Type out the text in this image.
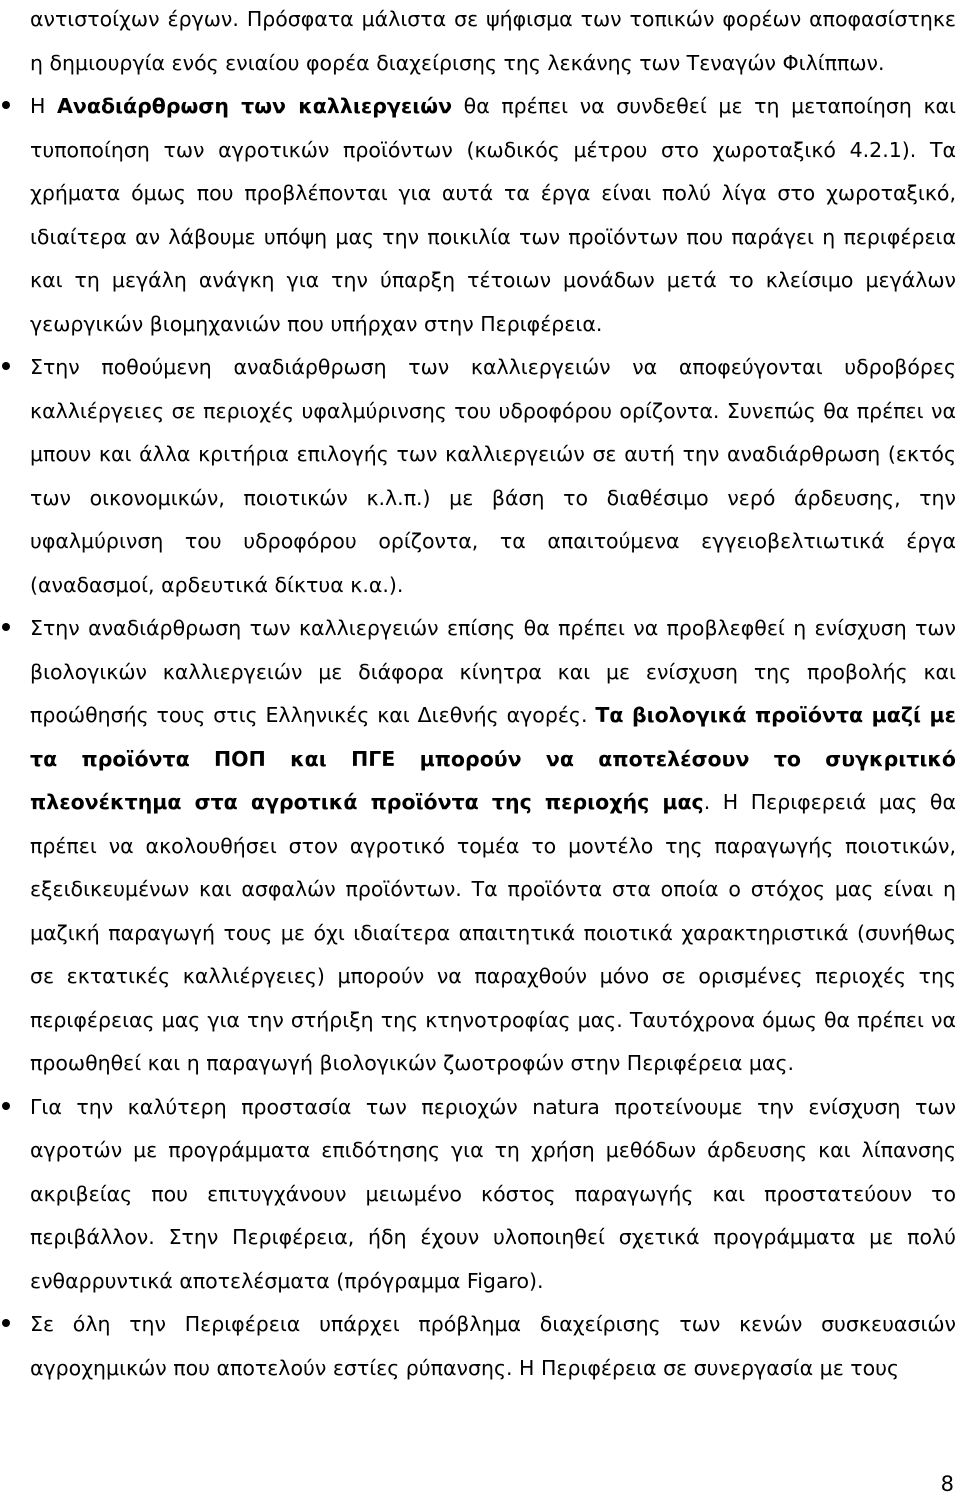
αντιστοίχων έργων. Πρόσφατα μάλιστα σε ψήφισμα των τοπικών φορέων αποφασίστηκε η δημιουργία ενός ενιαίου φορέα διαχείρισης της λεκάνης των Τεναγών Φιλίππων.

Η Αναδιάρθρωση των καλλιεργειών θα πρέπει να συνδεθεί με τη μεταποίηση και τυποποίηση των αγροτικών προϊόντων (κωδικός μέτρου στο χωροταξικό 4.2.1). Τα χρήματα όμως που προβλέπονται για αυτά τα έργα είναι πολύ λίγα στο χωροταξικό, ιδιαίτερα αν λάβουμε υπόψη μας την ποικιλία των προϊόντων που παράγει η περιφέρεια και τη μεγάλη ανάγκη για την ύπαρξη τέτοιων μονάδων μετά το κλείσιμο μεγάλων γεωργικών βιομηχανιών που υπήρχαν στην Περιφέρεια.

Στην ποθούμενη αναδιάρθρωση των καλλιεργειών να αποφεύγονται υδροβόρες καλλιέργειες σε περιοχές υφαλμύρινσης του υδροφόρου ορίζοντα. Συνεπώς θα πρέπει να μπουν και άλλα κριτήρια επιλογής των καλλιεργειών σε αυτή την αναδιάρθρωση (εκτός των οικονομικών, ποιοτικών κ.λ.π.) με βάση το διαθέσιμο νερό άρδευσης, την υφαλμύρινση του υδροφόρου ορίζοντα, τα απαιτούμενα εγγειοβελτιωτικά έργα (αναδασμοί, αρδευτικά δίκτυα κ.α.).

Στην αναδιάρθρωση των καλλιεργειών επίσης θα πρέπει να προβλεφθεί η ενίσχυση των βιολογικών καλλιεργειών με διάφορα κίνητρα και με ενίσχυση της προβολής και προώθησής τους στις Ελληνικές και Διεθνής αγορές. Τα βιολογικά προϊόντα μαζί με τα προϊόντα ΠΟΠ και ΠΓΕ μπορούν να αποτελέσουν το συγκριτικό πλεονέκτημα στα αγροτικά προϊόντα της περιοχής μας. Η Περιφερειά μας θα πρέπει να ακολουθήσει στον αγροτικό τομέα το μοντέλο της παραγωγής ποιοτικών, εξειδικευμένων και ασφαλών προϊόντων. Τα προϊόντα στα οποία ο στόχος μας είναι η μαζική παραγωγή τους με όχι ιδιαίτερα απαιτητικά ποιοτικά χαρακτηριστικά (συνήθως σε εκτατικές καλλιέργειες) μπορούν να παραχθούν μόνο σε ορισμένες περιοχές της περιφέρειας μας για την στήριξη της κτηνοτροφίας μας. Ταυτόχρονα όμως θα πρέπει να προωθηθεί και η παραγωγή βιολογικών ζωοτροφών στην Περιφέρεια μας.

Για την καλύτερη προστασία των περιοχών natura προτείνουμε την ενίσχυση των αγροτών με προγράμματα επιδότησης για τη χρήση μεθόδων άρδευσης και λίπανσης ακριβείας που επιτυγχάνουν μειωμένο κόστος παραγωγής και προστατεύουν το περιβάλλον. Στην Περιφέρεια, ήδη έχουν υλοποιηθεί σχετικά προγράμματα με πολύ ενθαρρυντικά αποτελέσματα (πρόγραμμα Figaro).

Σε όλη την Περιφέρεια υπάρχει πρόβλημα διαχείρισης των κενών συσκευασιών αγροχημικών που αποτελούν εστίες ρύπανσης. Η Περιφέρεια σε συνεργασία με τους

8
